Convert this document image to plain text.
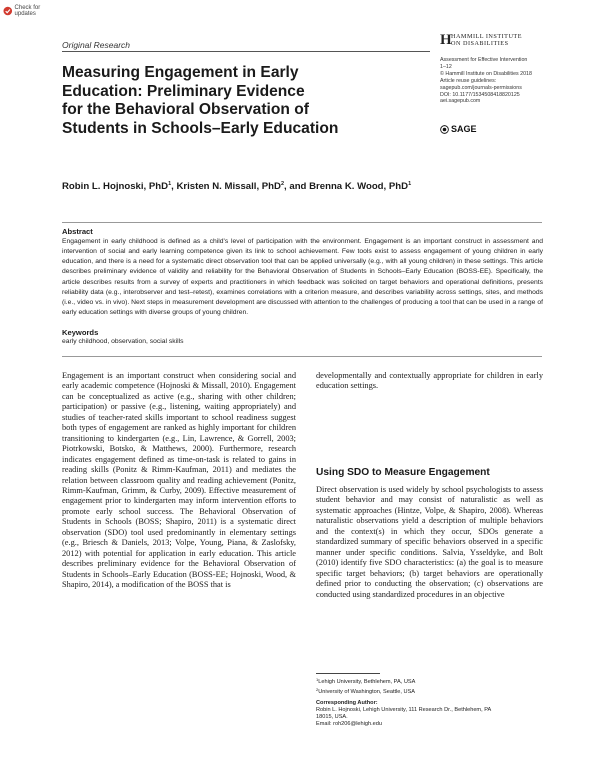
Check for updates
Original Research	H HAMMILL INSTITUTE
ON DISABILITIES
Assessment for Effective Intervention
1–12
© Hammill Institute on Disabilities 2018
Article reuse guidelines:
sagepub.com/journals-permissions
DOI: 10.1177/1534508418820125
aei.sagepub.com
SAGE
Measuring Engagement in Early
Education: Preliminary Evidence
for the Behavioral Observation of
Students in Schools–Early Education
Robin L. Hojnoski, PhD$^1$, Kristen N. Missall, PhD$^2$, and Brenna K. Wood, PhD$^1$
Abstract
Engagement in early childhood is defined as a child's level of participation with the environment. Engagement is an important construct in assessment and intervention of social and early learning competence given its link to school achievement. Few tools exist to assess engagement of young children in early education, and there is a need for a systematic direct observation tool that can be applied universally (e.g., with all young children) in these settings. This article describes preliminary evidence of validity and reliability for the Behavioral Observation of Students in Schools–Early Education (BOSS-EE). Specifically, the article describes results from a survey of experts and practitioners in which feedback was solicited on target behaviors and operational definitions, presents reliability data (e.g., interobserver and test–retest), examines correlations with a criterion measure, and describes variability across settings, sites, and methods (i.e., video vs. in vivo). Next steps in measurement development are discussed with attention to the challenges of producing a tool that can be used in a range of early education settings with diverse groups of young children.
Keywords
early childhood, observation, social skills

Engagement is an important construct when considering social and early academic competence (Hojnoski & Missall, 2010). Engagement can be conceptualized as active (e.g., sharing with other children; participation) or passive (e.g., listening, waiting appropriately) and studies of teacher-rated skills important to school readiness suggest both types of engagement are ranked as highly important for children transitioning to kindergarten (e.g., Lin, Lawrence, & Gorrell, 2003; Piotrkowski, Botsko, & Matthews, 2000). Furthermore, research indicates engagement defined as time-on-task is related to gains in reading skills (Ponitz & Rimm-Kaufman, 2011) and mediates the relation between classroom quality and reading achievement (Ponitz, Rimm-Kaufman, Grimm, & Curby, 2009). Effective measurement of engagement prior to kindergarten may inform intervention efforts to promote early school success. The Behavioral Observation of Students in Schools (BOSS; Shapiro, 2011) is a systematic direct observation (SDO) tool used predominantly in elementary settings (e.g., Briesch & Daniels, 2013; Volpe, Young, Piana, & Zaslofsky, 2012) with potential for application in early education. This article describes preliminary evidence for the Behavioral Observation of Students in Schools–Early Education (BOSS-EE; Hojnoski, Wood, & Shapiro, 2014), a modification of the BOSS that is

developmentally and contextually appropriate for children in early education settings.

Using SDO to Measure Engagement

Direct observation is used widely by school psychologists to assess student behavior and may consist of naturalistic as well as systematic approaches (Hintze, Volpe, & Shapiro, 2008). Whereas naturalistic observations yield a description of multiple behaviors and the context(s) in which they occur, SDOs generate a standardized summary of specific behaviors observed in a specific manner under specific conditions. Salvia, Ysseldyke, and Bolt (2010) identify five SDO characteristics: (a) the goal is to measure specific target behaviors; (b) target behaviors are operationally defined prior to conducting the observation; (c) observations are conducted using standardized procedures in an objective

$^1$Lehigh University, Bethlehem, PA, USA
$^2$University of Washington, Seattle, USA
Corresponding Author:
Robin L. Hojnoski, Lehigh University, 111 Research Dr., Bethlehem, PA
18015, USA.
Email: roh206@lehigh.edu
